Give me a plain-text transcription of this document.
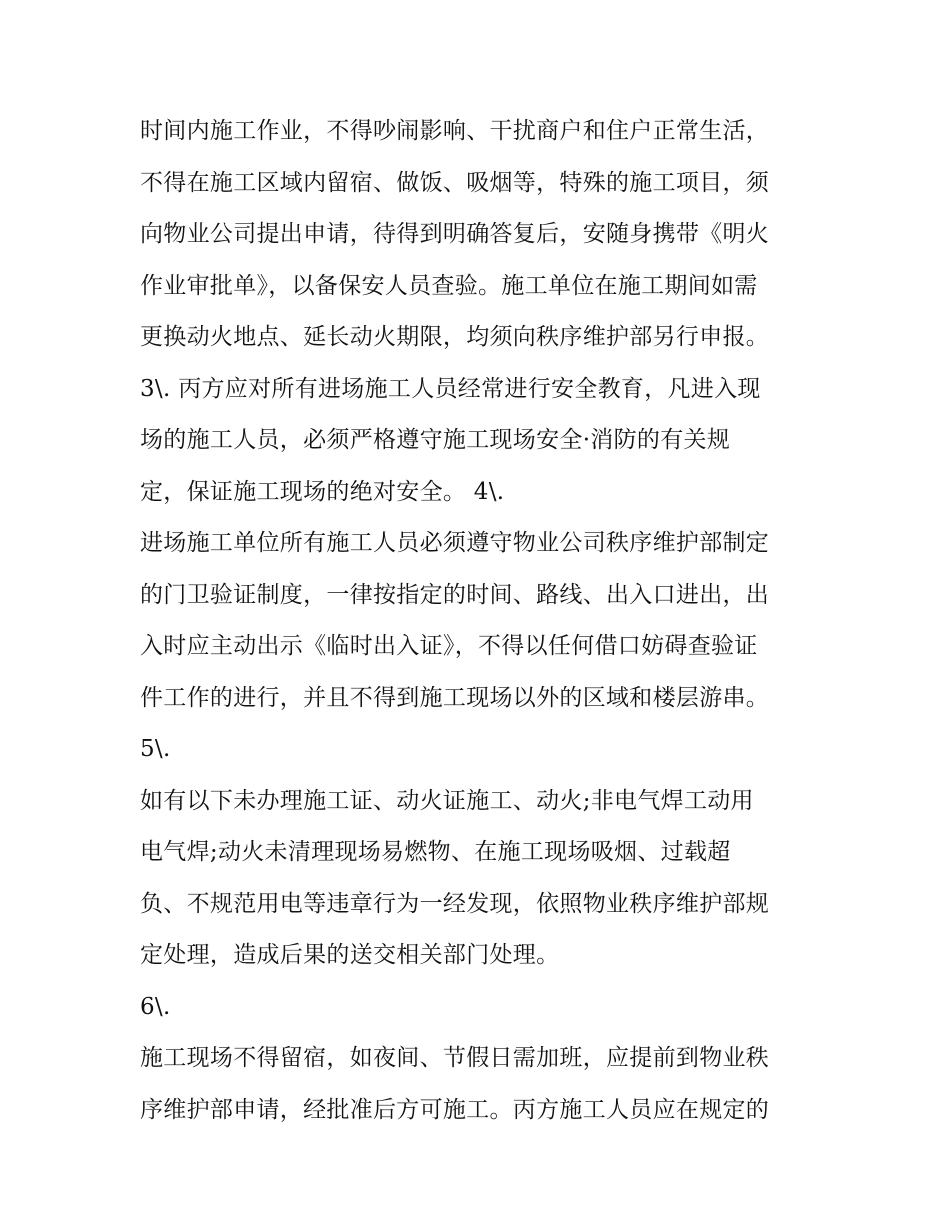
时间内施工作业，不得吵闹影响、干扰商户和住户正常生活，
不得在施工区域内留宿、做饭、吸烟等，特殊的施工项目，须
向物业公司提出申请，待得到明确答复后，安随身携带《明火
作业审批单》，以备保安人员查验。施工单位在施工期间如需
更换动火地点、延长动火期限，均须向秩序维护部另行申报。
3\. 丙方应对所有进场施工人员经常进行安全教育，凡进入现
场的施工人员，必须严格遵守施工现场安全·消防的有关规
定，保证施工现场的绝对安全。 4\.
进场施工单位所有施工人员必须遵守物业公司秩序维护部制定
的门卫验证制度，一律按指定的时间、路线、出入口进出，出
入时应主动出示《临时出入证》，不得以任何借口妨碍查验证
件工作的进行，并且不得到施工现场以外的区域和楼层游串。
5\.
如有以下未办理施工证、动火证施工、动火;非电气焊工动用
电气焊;动火未清理现场易燃物、在施工现场吸烟、过载超
负、不规范用电等违章行为一经发现，依照物业秩序维护部规
定处理，造成后果的送交相关部门处理。
6\.
施工现场不得留宿，如夜间、节假日需加班，应提前到物业秩
序维护部申请，经批准后方可施工。丙方施工人员应在规定的
